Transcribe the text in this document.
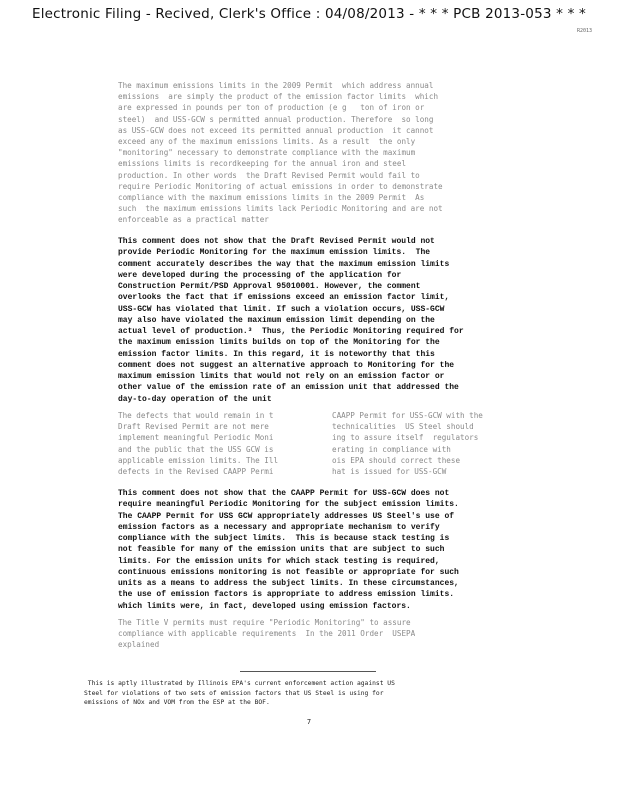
Electronic Filing - Recived, Clerk's Office : 04/08/2013 - * * * PCB 2013-053 * * *
R2013

The maximum emissions limits in the 2009 Permit  which address annual
emissions  are simply the product of the emission factor limits  which
are expressed in pounds per ton of production (e g   ton of iron or
steel)  and USS-GCW s permitted annual production. Therefore  so long
as USS-GCW does not exceed its permitted annual production  it cannot
exceed any of the maximum emissions limits. As a result  the only
"monitoring" necessary to demonstrate compliance with the maximum
emissions limits is recordkeeping for the annual iron and steel
production. In other words  the Draft Revised Permit would fail to
require Periodic Monitoring of actual emissions in order to demonstrate
compliance with the maximum emissions limits in the 2009 Permit  As
such  the maximum emissions limits lack Periodic Monitoring and are not
enforceable as a practical matter

This comment does not show that the Draft Revised Permit would not
provide Periodic Monitoring for the maximum emission limits.  The
comment accurately describes the way that the maximum emission limits
were developed during the processing of the application for
Construction Permit/PSD Approval 95010001. However, the comment
overlooks the fact that if emissions exceed an emission factor limit,
USS-GCW has violated that limit. If such a violation occurs, USS-GCW
may also have violated the maximum emission limit depending on the
actual level of production.³  Thus, the Periodic Monitoring required for
the maximum emission limits builds on top of the Monitoring for the
emission factor limits. In this regard, it is noteworthy that this
comment does not suggest an alternative approach to Monitoring for the
maximum emission limits that would not rely on an emission factor or
other value of the emission rate of an emission unit that addressed the
day-to-day operation of the unit

The defects that would remain in t
Draft Revised Permit are not mere
implement meaningful Periodic Moni
and the public that the USS GCW is
applicable emission limits. The Ill
defects in the Revised CAAPP Permi

CAAPP Permit for USS-GCW with the
technicalities  US Steel should
ing to assure itself  regulators
erating in compliance with
ois EPA should correct these
hat is issued for USS-GCW

This comment does not show that the CAAPP Permit for USS-GCW does not
require meaningful Periodic Monitoring for the subject emission limits.
The CAAPP Permit for USS GCW appropriately addresses US Steel's use of
emission factors as a necessary and appropriate mechanism to verify
compliance with the subject limits.  This is because stack testing is
not feasible for many of the emission units that are subject to such
limits. For the emission units for which stack testing is required,
continuous emissions monitoring is not feasible or appropriate for such
units as a means to address the subject limits. In these circumstances,
the use of emission factors is appropriate to address emission limits.
which limits were, in fact, developed using emission factors.

The Title V permits must require "Periodic Monitoring" to assure
compliance with applicable requirements  In the 2011 Order  USEPA
explained

This is aptly illustrated by Illinois EPA's current enforcement action against US
Steel for violations of two sets of emission factors that US Steel is using for
emissions of NOx and VOM from the ESP at the BOF.

7
